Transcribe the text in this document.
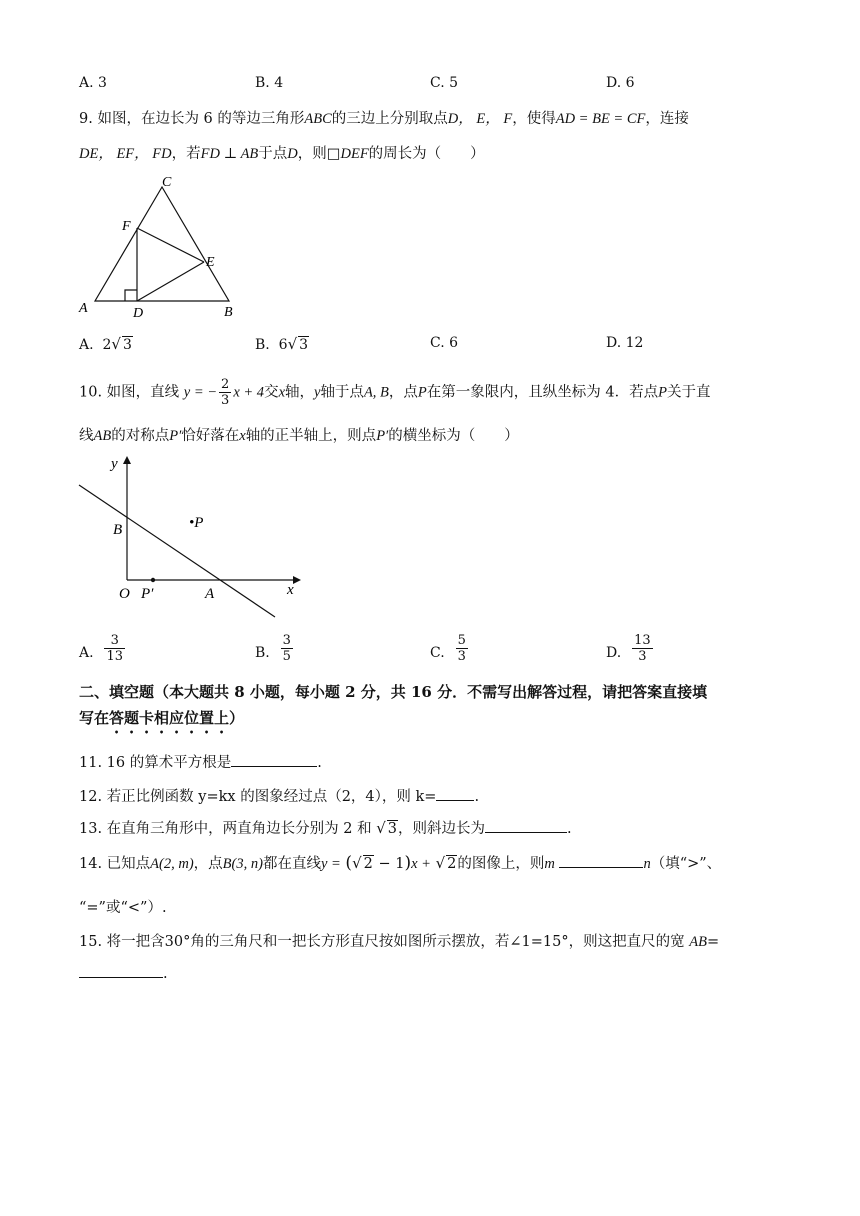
A. 3	B. 4	C. 5	D. 6
9. 如图，在边长为 6 的等边三角形ABC的三边上分别取点D， E， F，使得AD = BE = CF，连接
DE， EF， FD，若FD ⊥ AB于点D，则□DEF的周长为（　　）
A	B
C
D
E
F
A. 2√ 3	B. 6√ 3	C. 6	D. 12
10. 如图，直线 y = − $\frac{2}{3}$ x + 4交x轴，y轴于点A, B，点P在第一象限内，且纵坐标为 4．若点P关于直
线AB的对称点P′恰好落在x轴的正半轴上，则点P′的横坐标为（　　）
y
x
B	•P
O P′	A
A. $\frac{3}{13}$	B. $\frac{3}{5}$	C. $\frac{5}{3}$	D. $\frac{13}{3}$
二、填空题（本大题共 8 小题，每小题 2 分，共 16 分．不需写出解答过程，请把答案直接填
写在答题卡相应位置上）
11. 16 的算术平方根是	.
12. 若正比例函数 y=kx 的图象经过点（2，4），则 k=	.
13. 在直角三角形中，两直角边长分别为 2 和 √ 3，则斜边长为	.
14. 已知点A(2, m)，点B(3, n)都在直线y = (√ 2 − 1)x + √ 2的图像上，则m	n（填“>”、
“=”或“<”）.
15. 将一把含30°角的三角尺和一把长方形直尺按如图所示摆放，若∠1=15°，则这把直尺的宽 AB=
.
